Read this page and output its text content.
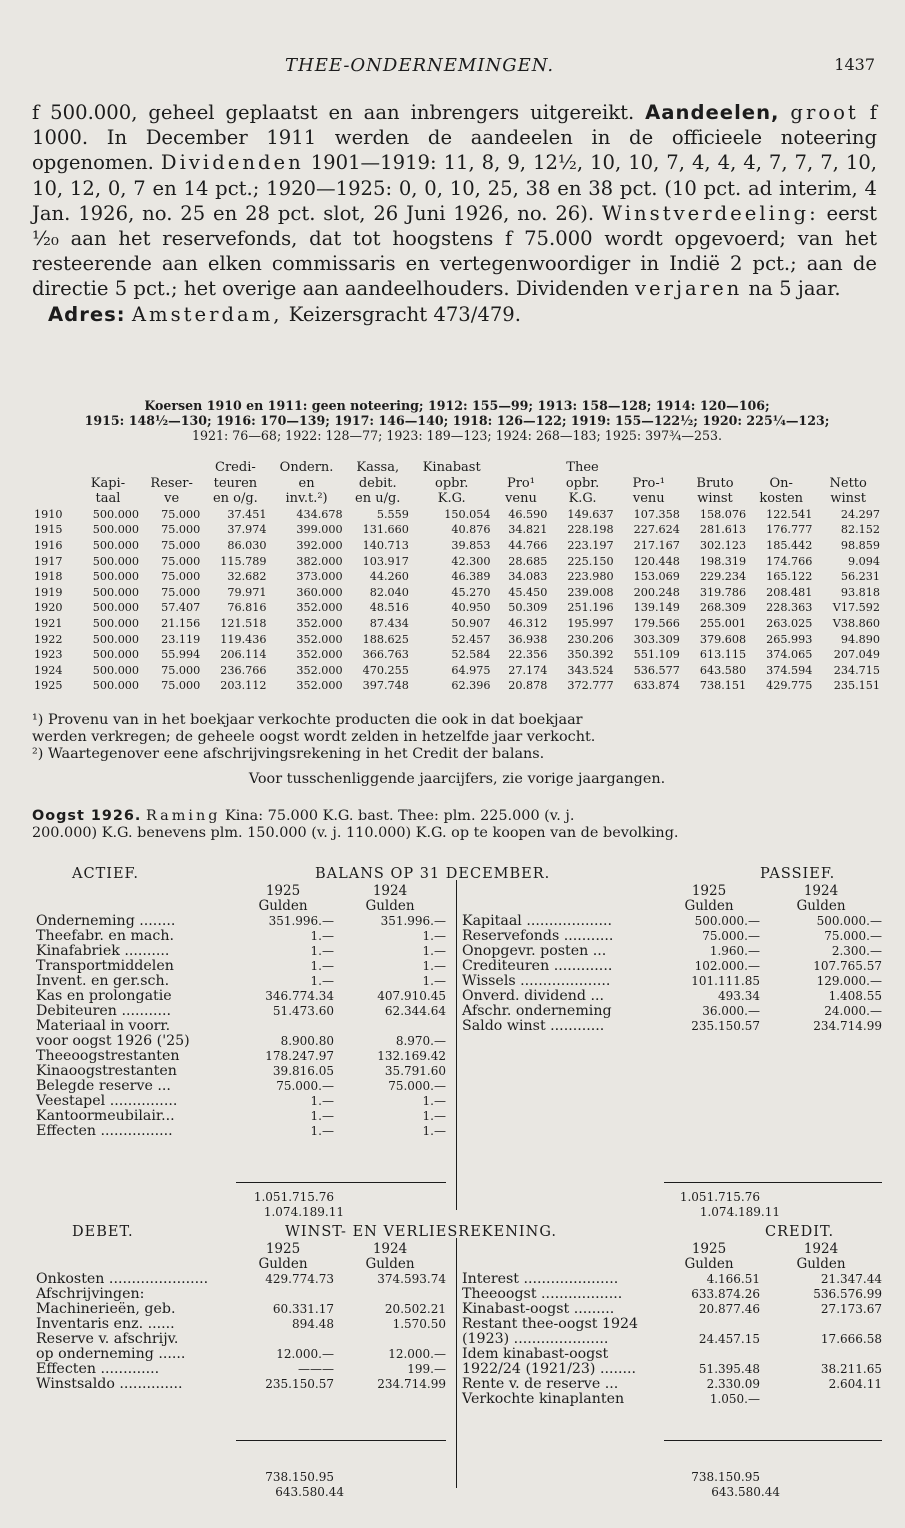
THEE-ONDERNEMINGEN.	1437

f 500.000, geheel geplaatst en aan inbrengers uitgereikt. Aandeelen, groot f 1000. In December 1911 werden de aandeelen in de officieele noteering opgenomen. Dividenden 1901—1919: 11, 8, 9, 12½, 10, 10, 7, 4, 4, 4, 7, 7, 7, 10, 10, 12, 0, 7 en 14 pct.; 1920—1925: 0, 0, 10, 25, 38 en 38 pct. (10 pct. ad interim, 4 Jan. 1926, no. 25 en 28 pct. slot, 26 Juni 1926, no. 26). Winstverdeeling: eerst ⅟₂₀ aan het reservefonds, dat tot hoogstens f 75.000 wordt opgevoerd; van het resteerende aan elken commissaris en vertegenwoordiger in Indië 2 pct.; aan de directie 5 pct.; het overige aan aandeelhouders. Dividenden verjaren na 5 jaar.

Adres: Amsterdam, Keizersgracht 473/479.

Koersen 1910 en 1911: geen noteering; 1912: 155—99; 1913: 158—128; 1914: 120—106;
1915: 148½—130; 1916: 170—139; 1917: 146—140; 1918: 126—122; 1919: 155—122½; 1920: 225¼—123;
1921: 76—68; 1922: 128—77; 1923: 189—123; 1924: 268—183; 1925: 397¾—253.
			Credi-	Ondern.	Kassa,	Kinabast		Thee				
	Kapi-	Reser-	teuren	en	debit.	opbr.	Pro¹	opbr.	Pro-¹	Bruto	On-	Netto
	taal	ve	en o/g.	inv.t.²)	en u/g.	K.G.	venu	K.G.	venu	winst	kosten	winst
1910	500.000	75.000	37.451	434.678	5.559	150.054	46.590	149.637	107.358	158.076	122.541	24.297
1915	500.000	75.000	37.974	399.000	131.660	40.876	34.821	228.198	227.624	281.613	176.777	82.152
1916	500.000	75.000	86.030	392.000	140.713	39.853	44.766	223.197	217.167	302.123	185.442	98.859
1917	500.000	75.000	115.789	382.000	103.917	42.300	28.685	225.150	120.448	198.319	174.766	9.094
1918	500.000	75.000	32.682	373.000	44.260	46.389	34.083	223.980	153.069	229.234	165.122	56.231
1919	500.000	75.000	79.971	360.000	82.040	45.270	45.450	239.008	200.248	319.786	208.481	93.818
1920	500.000	57.407	76.816	352.000	48.516	40.950	50.309	251.196	139.149	268.309	228.363	V17.592
1921	500.000	21.156	121.518	352.000	87.434	50.907	46.312	195.997	179.566	255.001	263.025	V38.860
1922	500.000	23.119	119.436	352.000	188.625	52.457	36.938	230.206	303.309	379.608	265.993	94.890
1923	500.000	55.994	206.114	352.000	366.763	52.584	22.356	350.392	551.109	613.115	374.065	207.049
1924	500.000	75.000	236.766	352.000	470.255	64.975	27.174	343.524	536.577	643.580	374.594	234.715
1925	500.000	75.000	203.112	352.000	397.748	62.396	20.878	372.777	633.874	738.151	429.775	235.151

¹) Provenu van in het boekjaar verkochte producten die ook in dat boekjaar

werden verkregen; de geheele oogst wordt zelden in hetzelfde jaar verkocht.

²) Waartegenover eene afschrijvingsrekening in het Credit der balans.

Voor tusschenliggende jaarcijfers, zie vorige jaargangen.

Oogst 1926. Raming Kina: 75.000 K.G. bast. Thee: plm. 225.000 (v. j.

200.000) K.G. benevens plm. 150.000 (v. j. 110.000) K.G. op te koopen van de bevolking.

ACTIEF.	BALANS OP 31 DECEMBER.	PASSIEF.
	1925	1924
	Gulden	Gulden
Onderneming ........	351.996.—	351.996.—
Theefabr. en mach.	1.—	1.—
Kinafabriek ..........	1.—	1.—
Transportmiddelen	1.—	1.—
Invent. en ger.sch.	1.—	1.—
Kas en prolongatie	346.774.34	407.910.45
Debiteuren ...........	51.473.60	62.344.64
Materiaal in voorr.		
voor oogst 1926 ('25)	8.900.80	8.970.—
Theeoogstrestanten	178.247.97	132.169.42
Kinaoogstrestanten	39.816.05	35.791.60
Belegde reserve ...	75.000.—	75.000.—
Veestapel ...............	1.—	1.—
Kantoormeubilair...	1.—	1.—
Effecten ................	1.—	1.—
	1925	1924
	Gulden	Gulden
Kapitaal ...................	500.000.—	500.000.—
Reservefonds ...........	75.000.—	75.000.—
Onopgevr. posten ...	1.960.—	2.300.—
Crediteuren .............	102.000.—	107.765.57
Wissels ....................	101.111.85	129.000.—
Onverd. dividend ...	493.34	1.408.55
Afschr. onderneming	36.000.—	24.000.—
Saldo winst ............	235.150.57	234.714.99
1.051.715.76 1.074.189.11
1.051.715.76 1.074.189.11
DEBET.	WINST- EN VERLIESREKENING.	CREDIT.
	1925	1924
	Gulden	Gulden
Onkosten ......................	429.774.73	374.593.74
Afschrijvingen:		
Machinerieën, geb.	60.331.17	20.502.21
Inventaris enz. ......	894.48	1.570.50
Reserve v. afschrijv.		
op onderneming ......	12.000.—	12.000.—
Effecten .............	———	199.—
Winstsaldo ..............	235.150.57	234.714.99
	1925	1924
	Gulden	Gulden
Interest .....................	4.166.51	21.347.44
Theeoogst ..................	633.874.26	536.576.99
Kinabast-oogst .........	20.877.46	27.173.67
Restant thee-oogst 1924		
(1923) .....................	24.457.15	17.666.58
Idem kinabast-oogst		
1922/24 (1921/23) ........	51.395.48	38.211.65
Rente v. de reserve ...	2.330.09	2.604.11
Verkochte kinaplanten	1.050.—	
738.150.95 643.580.44
738.150.95 643.580.44
